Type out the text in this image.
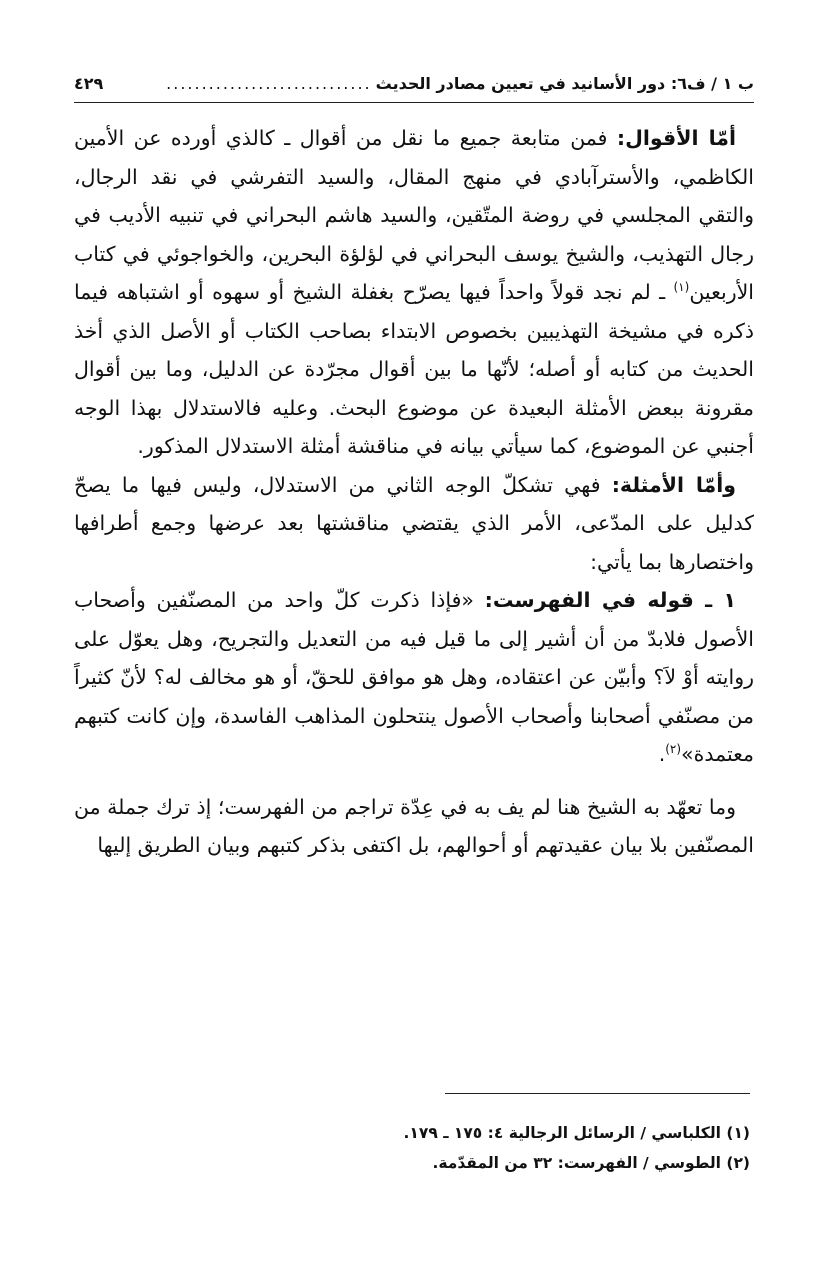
ب ١ / ف٦: دور الأسانيد في تعيين مصادر الحديث
.............................
٤٢٩

أمّا الأقوال: فمن متابعة جميع ما نقل من أقوال ـ كالذي أورده عن الأمين الكاظمي، والأسترآبادي في منهج المقال، والسيد التفرشي في نقد الرجال، والتقي المجلسي في روضة المتّقين، والسيد هاشم البحراني في تنبيه الأديب في رجال التهذيب، والشيخ يوسف البحراني في لؤلؤة البحرين، والخواجوئي في كتاب الأربعين$^{(١)}$ ـ لم نجد قولاً واحداً فيها يصرّح بغفلة الشيخ أو سهوه أو اشتباهه فيما ذكره في مشيخة التهذيبين بخصوص الابتداء بصاحب الكتاب أو الأصل الذي أخذ الحديث من كتابه أو أصله؛ لأنّها ما بين أقوال مجرّدة عن الدليل، وما بين أقوال مقرونة ببعض الأمثلة البعيدة عن موضوع البحث. وعليه فالاستدلال بهذا الوجه أجنبي عن الموضوع، كما سيأتي بيانه في مناقشة أمثلة الاستدلال المذكور.

وأمّا الأمثلة: فهي تشكلّ الوجه الثاني من الاستدلال، وليس فيها ما يصحّ كدليل على المدّعى، الأمر الذي يقتضي مناقشتها بعد عرضها وجمع أطرافها واختصارها بما يأتي:

١ ـ قوله في الفهرست: «فإذا ذكرت كلّ واحد من المصنّفين وأصحاب الأصول فلابدّ من أن أشير إلى ما قيل فيه من التعديل والتجريح، وهل يعوّل على روايته أوْ لاَ؟ وأبيّن عن اعتقاده، وهل هو موافق للحقّ، أو هو مخالف له؟ لأنّ كثيراً من مصنّفي أصحابنا وأصحاب الأصول ينتحلون المذاهب الفاسدة، وإن كانت كتبهم معتمدة»$^{(٢)}$.

وما تعهّد به الشيخ هنا لم يف به في عِدّة تراجم من الفهرست؛ إذ ترك جملة من المصنّفين بلا بيان عقيدتهم أو أحوالهم، بل اكتفى بذكر كتبهم وبيان الطريق إليها

(١) الكلباسي / الرسائل الرجالية ٤: ١٧٥ ـ ١٧٩.
(٢) الطوسي / الفهرست: ٣٢ من المقدّمة.
